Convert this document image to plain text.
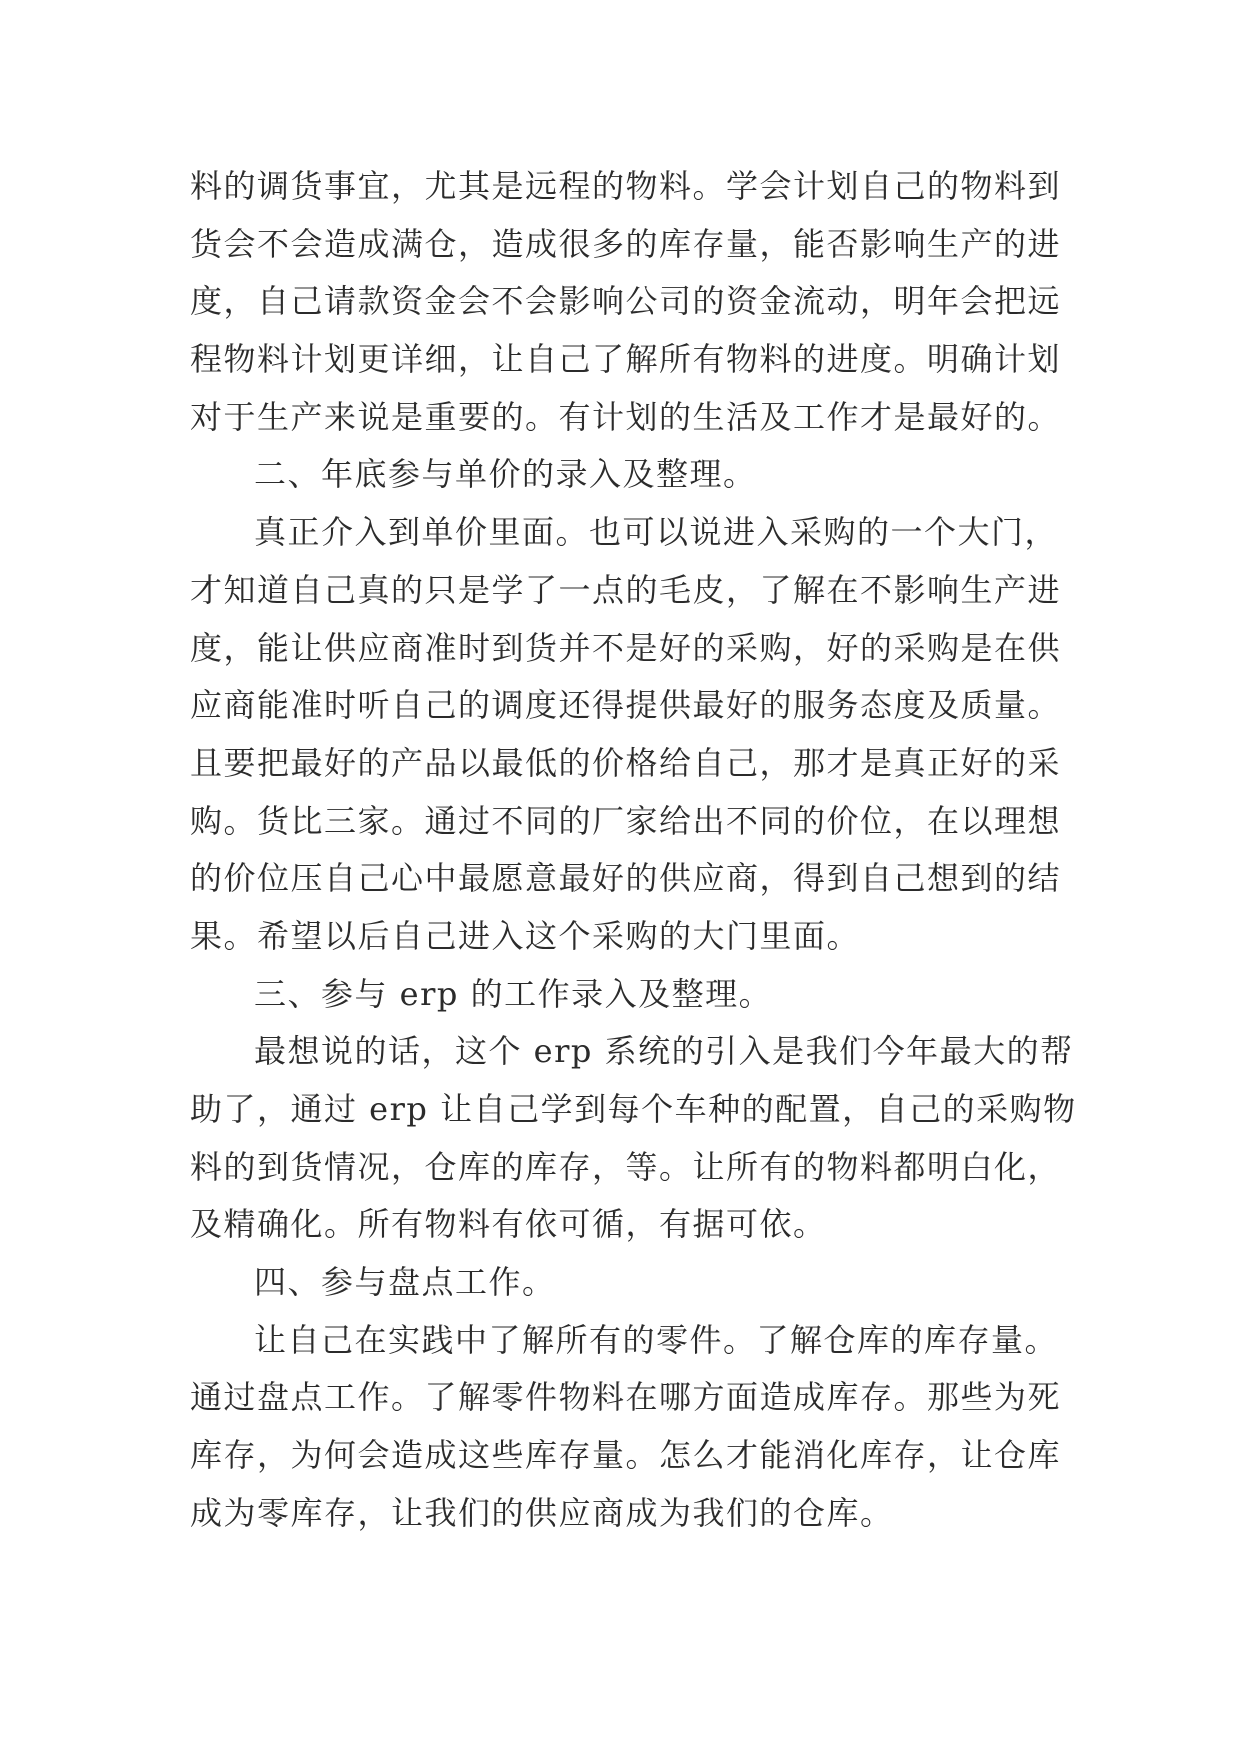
料的调货事宜，尤其是远程的物料。学会计划自己的物料到
货会不会造成满仓，造成很多的库存量，能否影响生产的进
度，自己请款资金会不会影响公司的资金流动，明年会把远
程物料计划更详细，让自己了解所有物料的进度。明确计划
对于生产来说是重要的。有计划的生活及工作才是最好的。
二、年底参与单价的录入及整理。
真正介入到单价里面。也可以说进入采购的一个大门，
才知道自己真的只是学了一点的毛皮，了解在不影响生产进
度，能让供应商准时到货并不是好的采购，好的采购是在供
应商能准时听自己的调度还得提供最好的服务态度及质量。
且要把最好的产品以最低的价格给自己，那才是真正好的采
购。货比三家。通过不同的厂家给出不同的价位，在以理想
的价位压自己心中最愿意最好的供应商，得到自己想到的结
果。希望以后自己进入这个采购的大门里面。
三、参与 erp 的工作录入及整理。
最想说的话，这个 erp 系统的引入是我们今年最大的帮
助了，通过 erp 让自己学到每个车种的配置，自己的采购物
料的到货情况，仓库的库存，等。让所有的物料都明白化，
及精确化。所有物料有依可循，有据可依。
四、参与盘点工作。
让自己在实践中了解所有的零件。了解仓库的库存量。
通过盘点工作。了解零件物料在哪方面造成库存。那些为死
库存，为何会造成这些库存量。怎么才能消化库存，让仓库
成为零库存，让我们的供应商成为我们的仓库。
